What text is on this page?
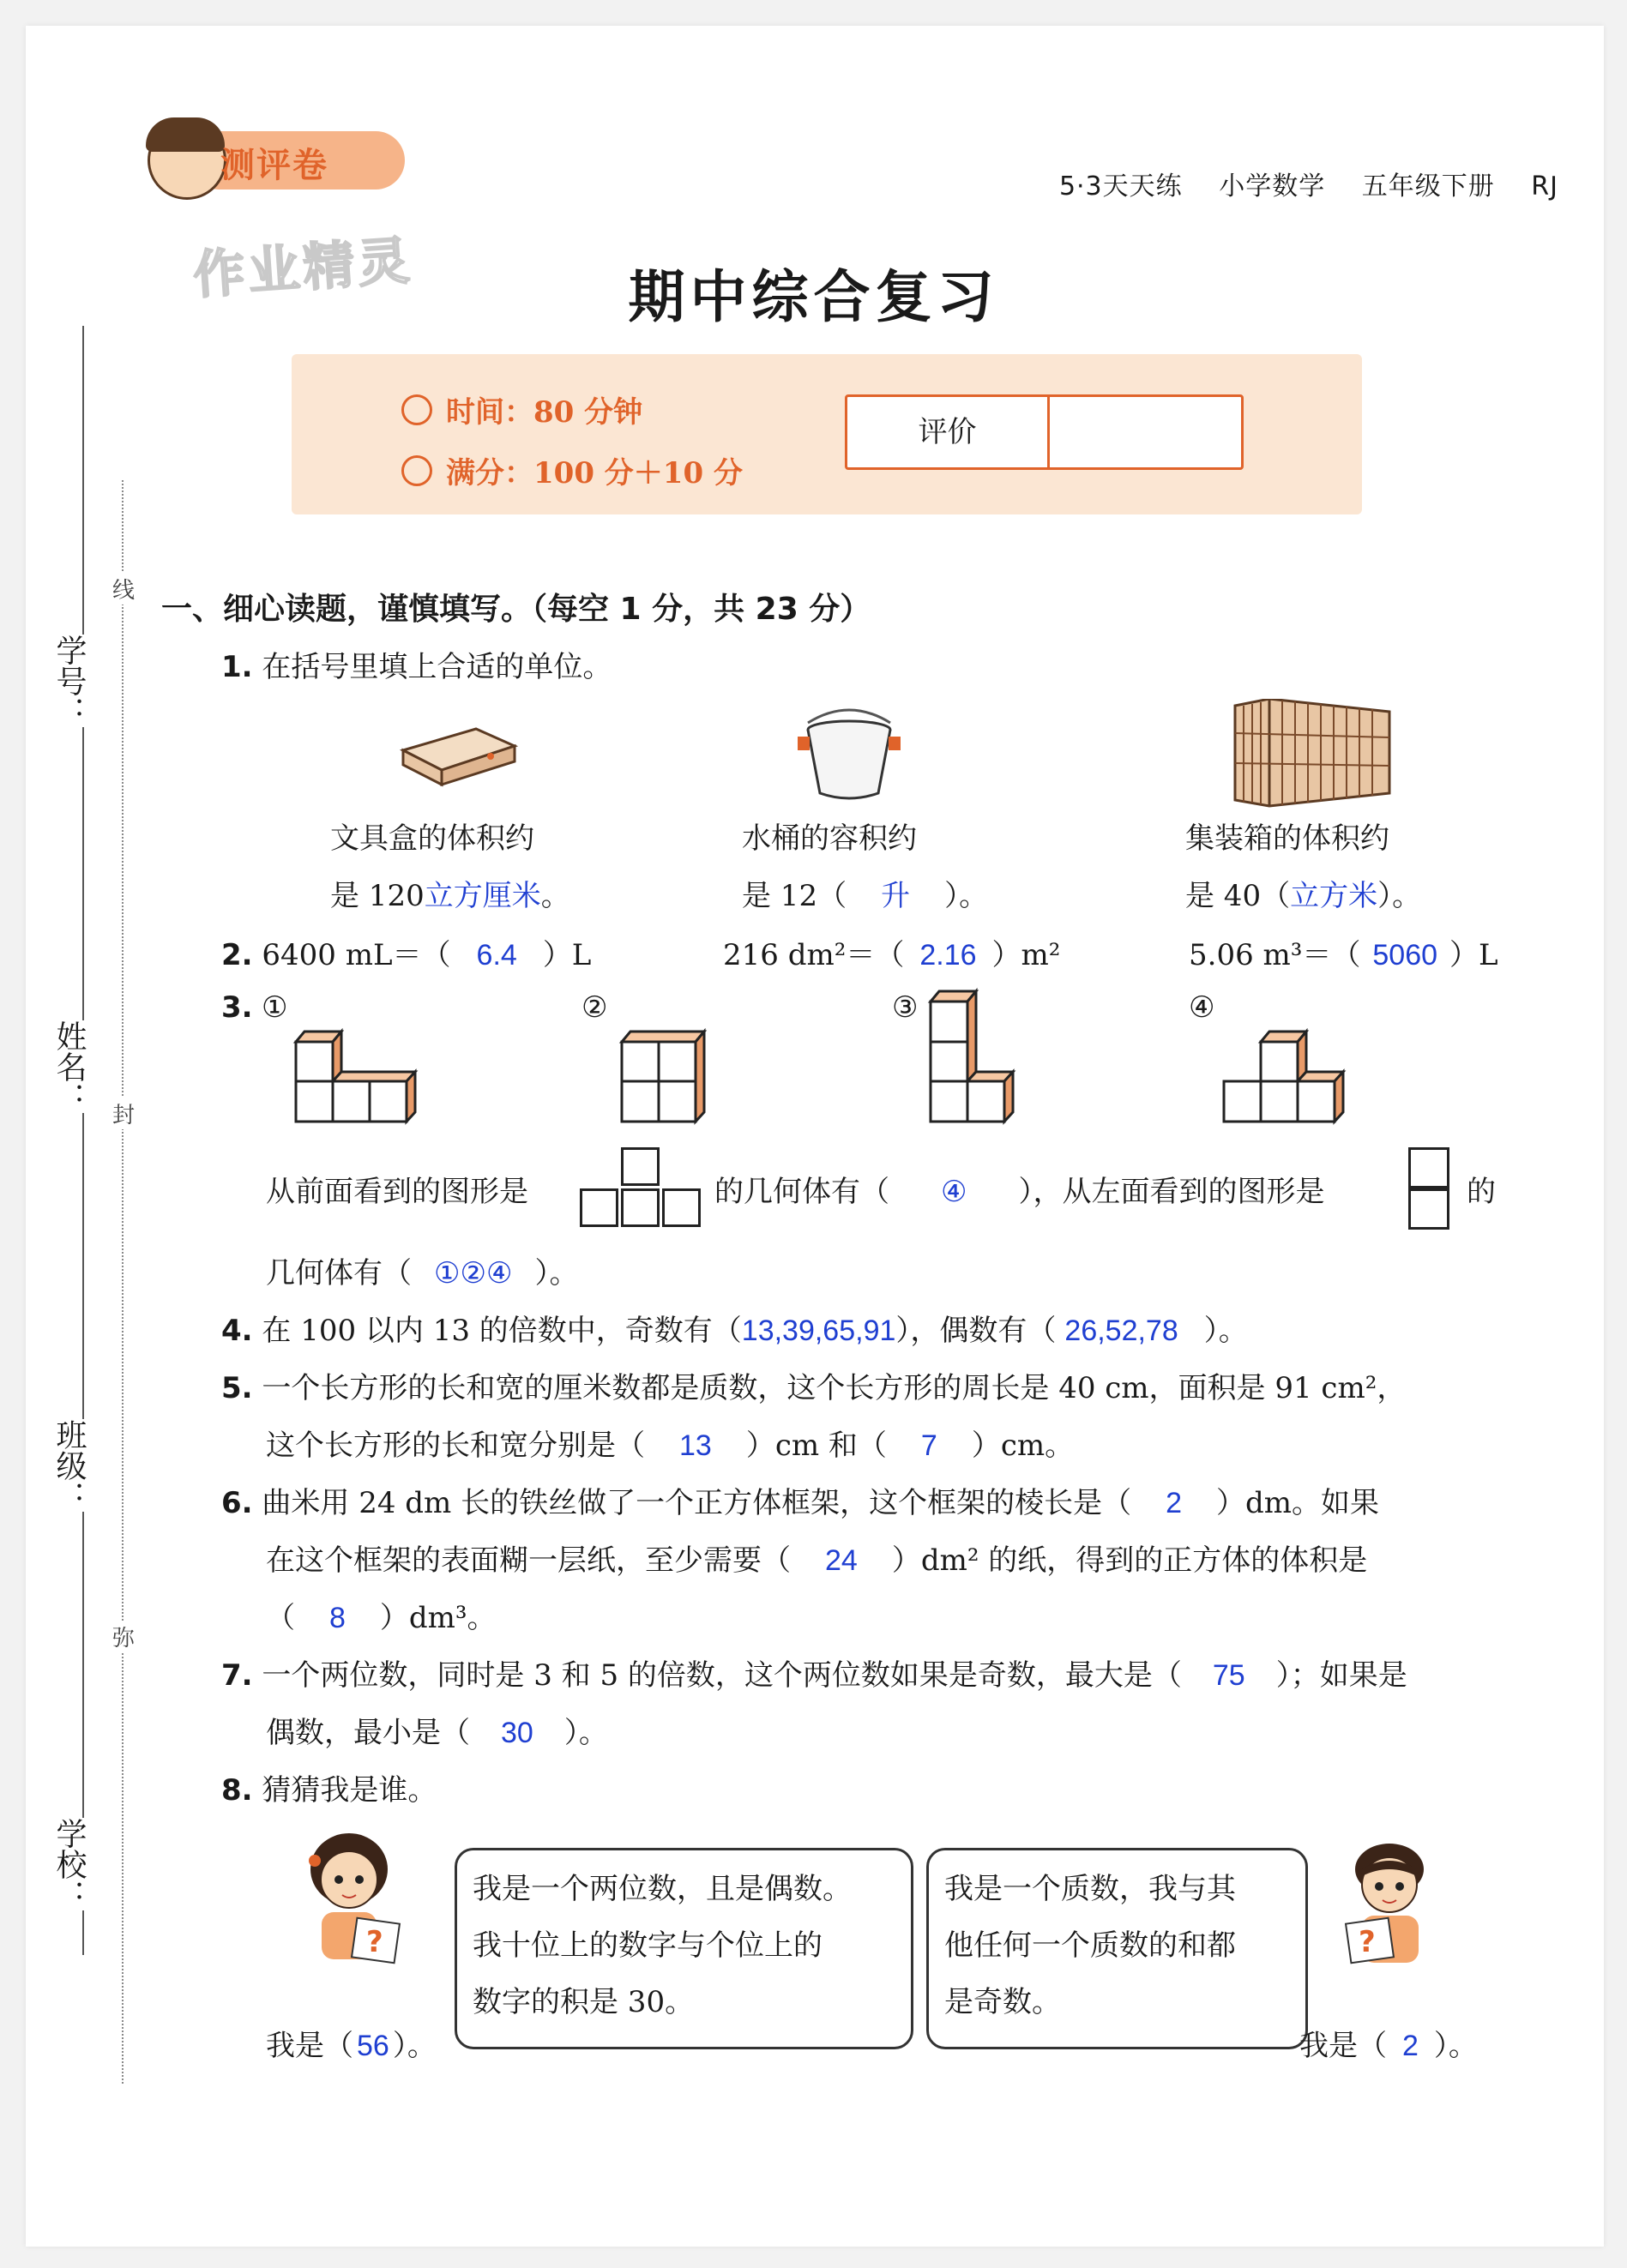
测评卷
作业精灵
5·3天天练 小学数学 五年级下册 RJ
期中综合复习
时间：80 分钟
满分：100 分＋10 分
评价
学号：
姓名：
班级：
学校：
线
封
弥
一、细心读题，谨慎填写。（每空 1 分，共 23 分）
1. 在括号里填上合适的单位。
文具盒的体积约
是 120立方厘米。
水桶的容积约
是 12（ 升 ）。
集装箱的体积约
是 40（立方米）。
2. 6400 mL＝（ 6.4 ）L	216 dm²＝（ 2.16 ）m²	5.06 m³＝（ 5060 ）L
3. ①	②	③	④
从前面看到的图形是	的几何体有（ ④ ），从左面看到的图形是	的
几何体有（ ①②④ ）。
4. 在 100 以内 13 的倍数中，奇数有（13,39,65,91），偶数有（ 26,52,78 ）。
5. 一个长方形的长和宽的厘米数都是质数，这个长方形的周长是 40 cm，面积是 91 cm²，
这个长方形的长和宽分别是（ 13 ）cm 和（ 7 ）cm。
6. 曲米用 24 dm 长的铁丝做了一个正方体框架，这个框架的棱长是（ 2 ）dm。如果
在这个框架的表面糊一层纸，至少需要（ 24 ）dm² 的纸，得到的正方体的体积是
（ 8 ）dm³。
7. 一个两位数，同时是 3 和 5 的倍数，这个两位数如果是奇数，最大是（ 75 ）；如果是
偶数，最小是（ 30 ）。
8. 猜猜我是谁。
?
我是（ 56 ）。
我是一个两位数，且是偶数。
我十位上的数字与个位上的
数字的积是 30。
我是一个质数，我与其
他任何一个质数的和都
是奇数。
?
我是（ 2 ）。
